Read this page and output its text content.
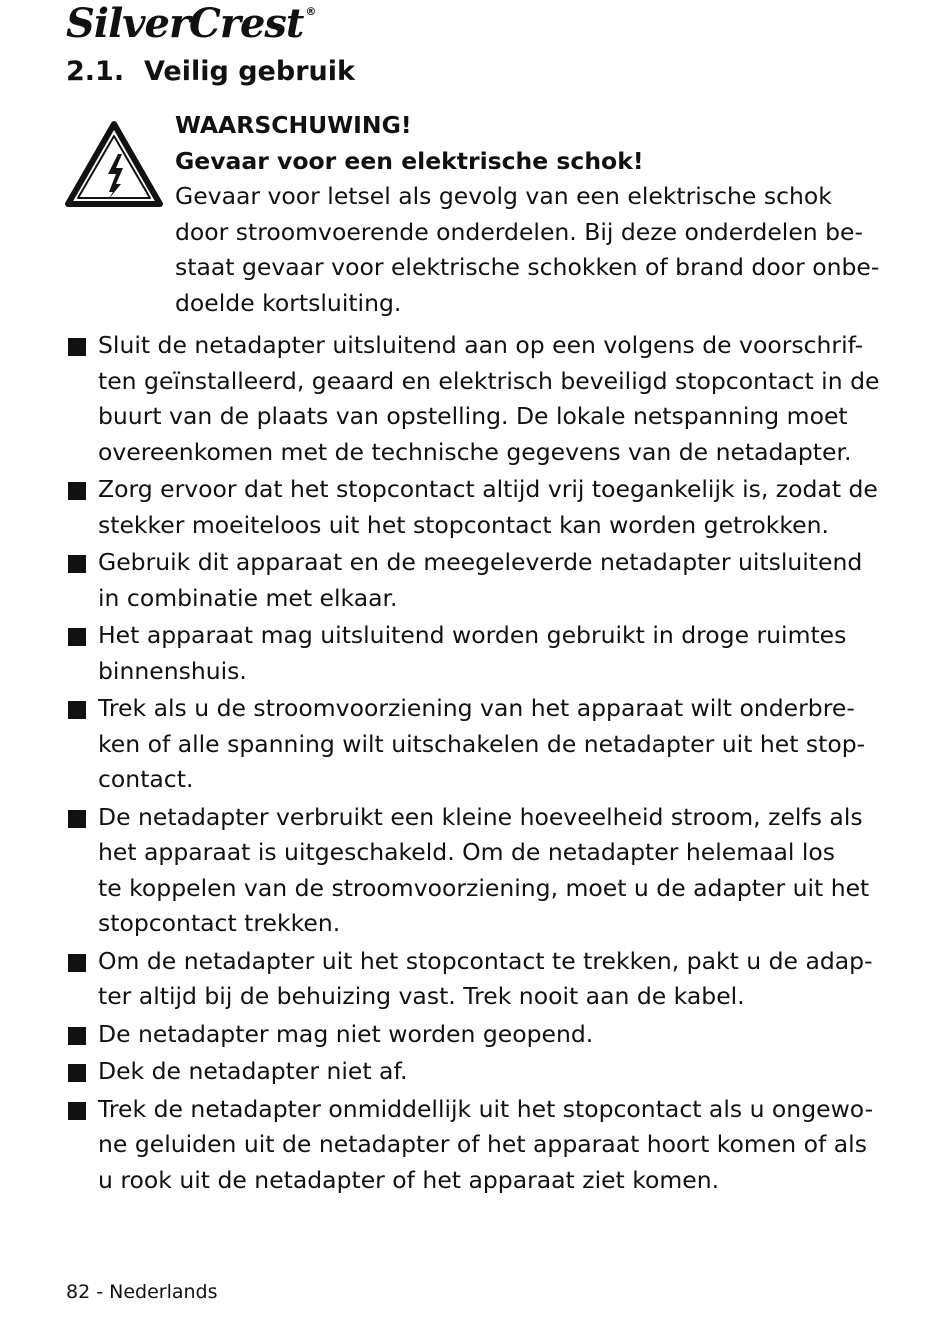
SilverCrest ®
2.1. Veilig gebruik
WAARSCHUWING!
Gevaar voor een elektrische schok!
Gevaar voor letsel als gevolg van een elektrische schok
door stroomvoerende onderdelen. Bij deze onderdelen be-
staat gevaar voor elektrische schokken of brand door onbe-
doelde kortsluiting.
Sluit de netadapter uitsluitend aan op een volgens de voorschrif-
ten geïnstalleerd, geaard en elektrisch beveiligd stopcontact in de
buurt van de plaats van opstelling. De lokale netspanning moet
overeenkomen met de technische gegevens van de netadapter.
Zorg ervoor dat het stopcontact altijd vrij toegankelijk is, zodat de
stekker moeiteloos uit het stopcontact kan worden getrokken.
Gebruik dit apparaat en de meegeleverde netadapter uitsluitend
in combinatie met elkaar.
Het apparaat mag uitsluitend worden gebruikt in droge ruimtes
binnenshuis.
Trek als u de stroomvoorziening van het apparaat wilt onderbre-
ken of alle spanning wilt uitschakelen de netadapter uit het stop-
contact.
De netadapter verbruikt een kleine hoeveelheid stroom, zelfs als
het apparaat is uitgeschakeld. Om de netadapter helemaal los
te koppelen van de stroomvoorziening, moet u de adapter uit het
stopcontact trekken.
Om de netadapter uit het stopcontact te trekken, pakt u de adap-
ter altijd bij de behuizing vast. Trek nooit aan de kabel.
De netadapter mag niet worden geopend.
Dek de netadapter niet af.
Trek de netadapter onmiddellijk uit het stopcontact als u ongewo-
ne geluiden uit de netadapter of het apparaat hoort komen of als
u rook uit de netadapter of het apparaat ziet komen.
82 - Nederlands
